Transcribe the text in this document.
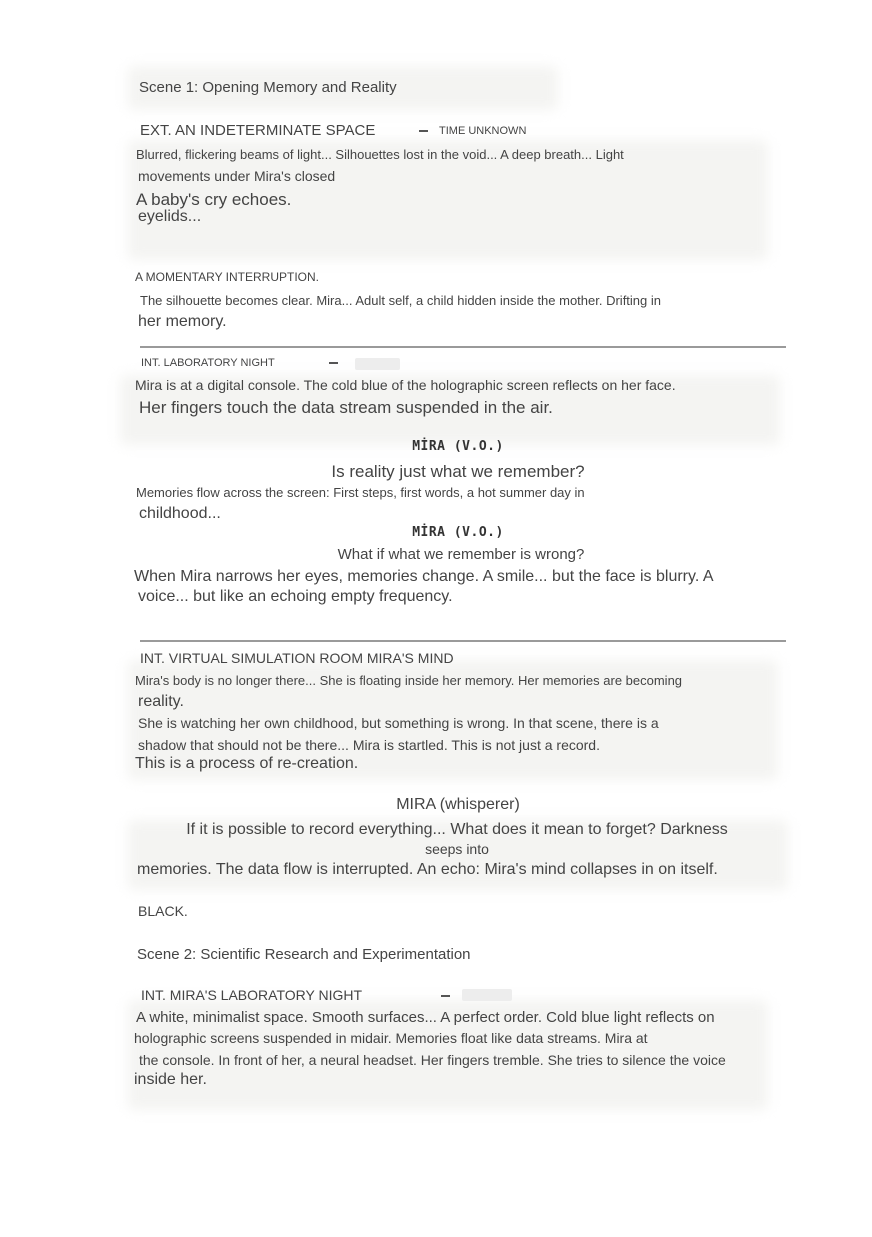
Scene 1: Opening Memory and Reality

EXT. AN INDETERMINATE SPACE	TIME UNKNOWN

Blurred, flickering beams of light... Silhouettes lost in the void... A deep breath... Light

movements under Mira's closed

A baby's cry echoes.

eyelids...

A MOMENTARY INTERRUPTION.

The silhouette becomes clear. Mira... Adult self, a child hidden inside the mother. Drifting in

her memory.

INT. LABORATORY NIGHT

Mira is at a digital console. The cold blue of the holographic screen reflects on her face.

Her fingers touch the data stream suspended in the air.

MİRA (V.O.)

Is reality just what we remember?

Memories flow across the screen: First steps, first words, a hot summer day in

childhood...

MİRA (V.O.)

What if what we remember is wrong?

When Mira narrows her eyes, memories change. A smile... but the face is blurry. A

voice... but like an echoing empty frequency.

INT. VIRTUAL SIMULATION ROOM MIRA'S MIND

Mira's body is no longer there... She is floating inside her memory. Her memories are becoming

reality.

She is watching her own childhood, but something is wrong. In that scene, there is a

shadow that should not be there... Mira is startled. This is not just a record.

This is a process of re-creation.

MIRA (whisperer)

If it is possible to record everything... What does it mean to forget? Darkness

seeps into

memories. The data flow is interrupted. An echo: Mira's mind collapses in on itself.

BLACK.

Scene 2: Scientific Research and Experimentation

INT. MIRA'S LABORATORY NIGHT

A white, minimalist space. Smooth surfaces... A perfect order. Cold blue light reflects on

holographic screens suspended in midair. Memories float like data streams. Mira at

the console. In front of her, a neural headset. Her fingers tremble. She tries to silence the voice

inside her.
